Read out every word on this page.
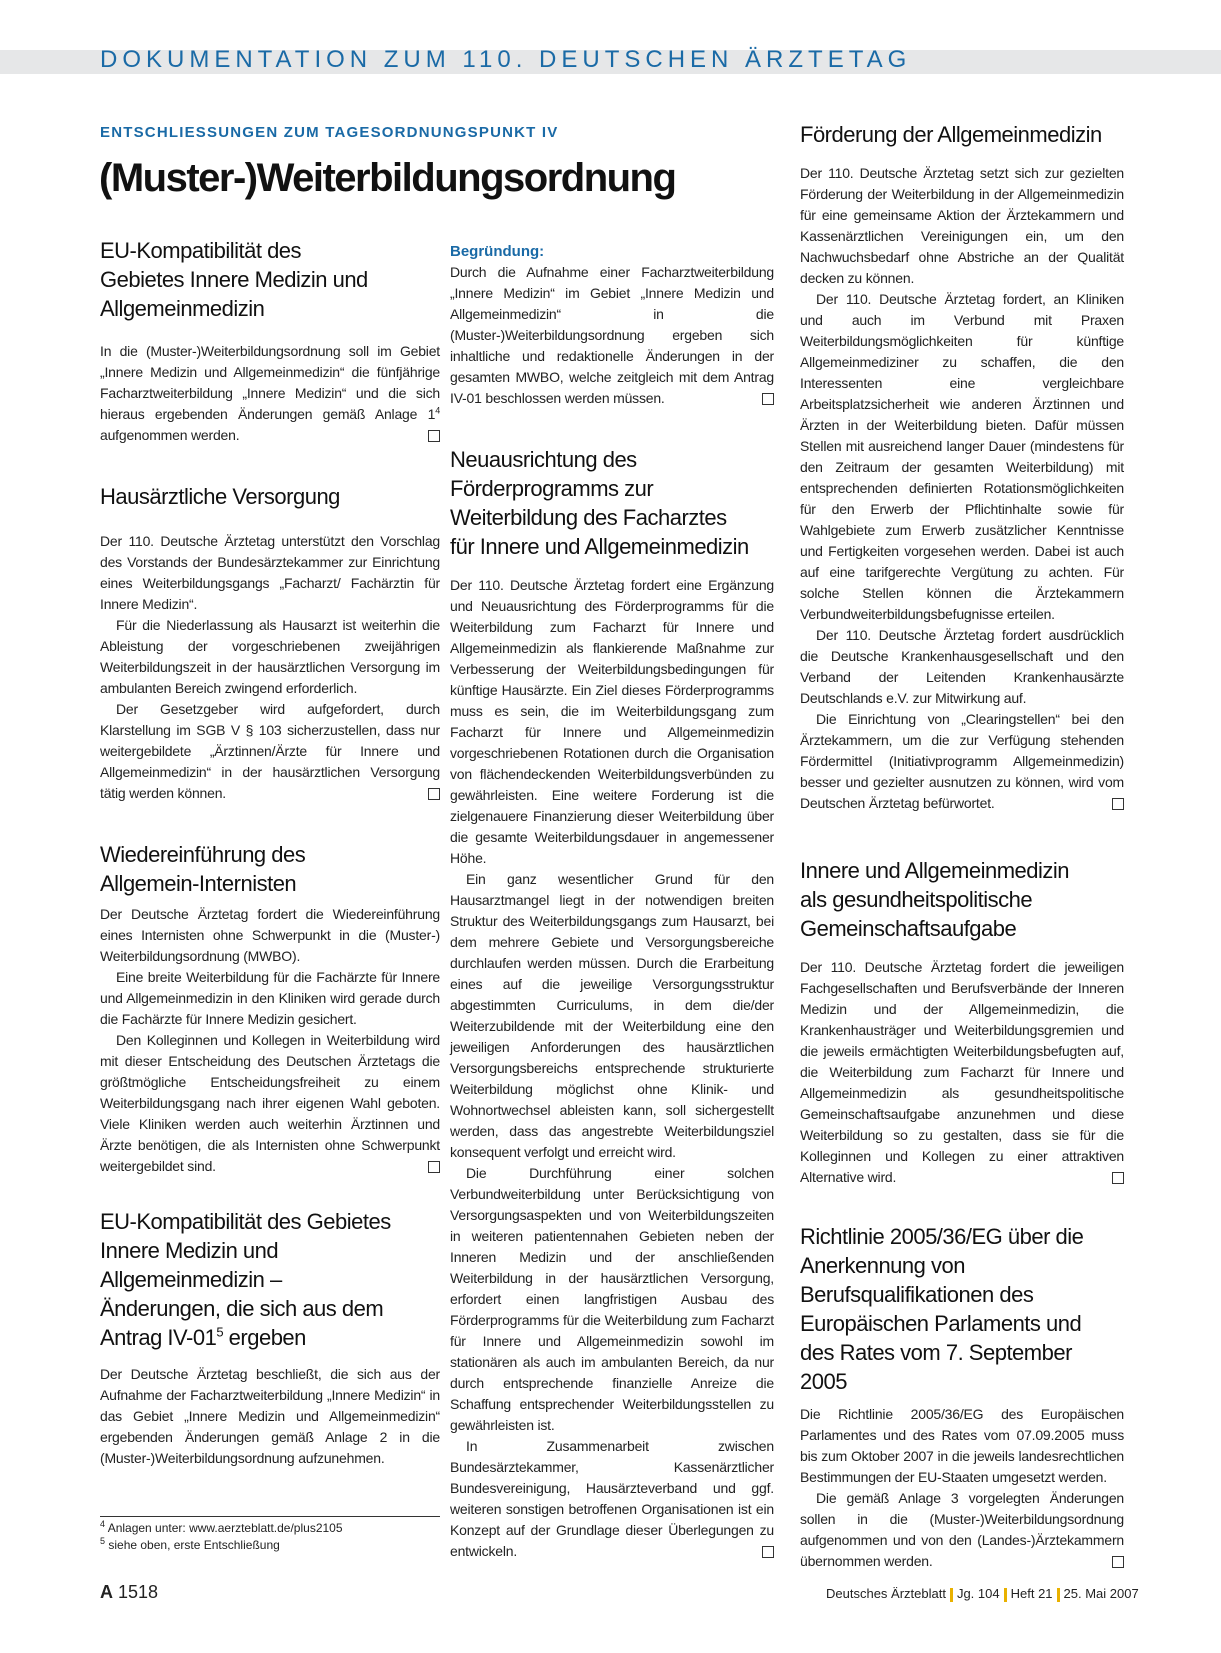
DOKUMENTATION ZUM 110. DEUTSCHEN ÄRZTETAG
ENTSCHLIESSUNGEN ZUM TAGESORDNUNGSPUNKT IV
(Muster-)Weiterbildungsordnung
EU-Kompatibilität des Gebietes Innere Medizin und Allgemeinmedizin

In die (Muster-)Weiterbildungsordnung soll im Gebiet „Innere Medizin und Allgemeinmedizin“ die fünfjährige Facharztweiterbildung „Innere Medizin“ und die sich hieraus ergebenden Änderungen gemäß Anlage $1^4$ aufgenommen werden.

Hausärztliche Versorgung

Der 110. Deutsche Ärztetag unterstützt den Vorschlag des Vorstands der Bundesärztekammer zur Einrichtung eines Weiterbildungsgangs „Facharzt/ Fachärztin für Innere Medizin“.

Für die Niederlassung als Hausarzt ist weiterhin die Ableistung der vorgeschriebenen zweijährigen Weiterbildungszeit in der hausärztlichen Versorgung im ambulanten Bereich zwingend erforderlich.

Der Gesetzgeber wird aufgefordert, durch Klarstellung im SGB V § 103 sicherzustellen, dass nur weitergebildete „Ärztinnen/Ärzte für Innere und Allgemeinmedizin“ in der hausärztlichen Versorgung tätig werden können.

Wiedereinführung des Allgemein-Internisten

Der Deutsche Ärztetag fordert die Wiedereinführung eines Internisten ohne Schwerpunkt in die (Muster-) Weiterbildungsordnung (MWBO).

Eine breite Weiterbildung für die Fachärzte für Innere und Allgemeinmedizin in den Kliniken wird gerade durch die Fachärzte für Innere Medizin gesichert.

Den Kolleginnen und Kollegen in Weiterbildung wird mit dieser Entscheidung des Deutschen Ärztetags die größtmögliche Entscheidungsfreiheit zu einem Weiterbildungsgang nach ihrer eigenen Wahl geboten. Viele Kliniken werden auch weiterhin Ärztinnen und Ärzte benötigen, die als Internisten ohne Schwerpunkt weitergebildet sind.

EU-Kompatibilität des Gebietes Innere Medizin und Allgemeinmedizin – Änderungen, die sich aus dem Antrag $IV-01^5$ ergeben

Der Deutsche Ärztetag beschließt, die sich aus der Aufnahme der Facharztweiterbildung „Innere Medizin“ in das Gebiet „Innere Medizin und Allgemeinmedizin“ ergebenden Änderungen gemäß Anlage 2 in die (Muster-)Weiterbildungsordnung aufzunehmen.

$^4$ Anlagen unter: www.aerzteblatt.de/plus2105
$^5$ siehe oben, erste Entschließung
Begründung:

Durch die Aufnahme einer Facharztweiterbildung „Innere Medizin“ im Gebiet „Innere Medizin und Allgemeinmedizin“ in die (Muster-)Weiterbildungsordnung ergeben sich inhaltliche und redaktionelle Änderungen in der gesamten MWBO, welche zeitgleich mit dem Antrag IV-01 beschlossen werden müssen.

Neuausrichtung des Förderprogramms zur Weiterbildung des Facharztes für Innere und Allgemeinmedizin

Der 110. Deutsche Ärztetag fordert eine Ergänzung und Neuausrichtung des Förderprogramms für die Weiterbildung zum Facharzt für Innere und Allgemeinmedizin als flankierende Maßnahme zur Verbesserung der Weiterbildungsbedingungen für künftige Hausärzte. Ein Ziel dieses Förderprogramms muss es sein, die im Weiterbildungsgang zum Facharzt für Innere und Allgemeinmedizin vorgeschriebenen Rotationen durch die Organisation von flächendeckenden Weiterbildungsverbünden zu gewährleisten. Eine weitere Forderung ist die zielgenauere Finanzierung dieser Weiterbildung über die gesamte Weiterbildungsdauer in angemessener Höhe.

Ein ganz wesentlicher Grund für den Hausarztmangel liegt in der notwendigen breiten Struktur des Weiterbildungsgangs zum Hausarzt, bei dem mehrere Gebiete und Versorgungsbereiche durchlaufen werden müssen. Durch die Erarbeitung eines auf die jeweilige Versorgungsstruktur abgestimmten Curriculums, in dem die/der Weiterzubildende mit der Weiterbildung eine den jeweiligen Anforderungen des hausärztlichen Versorgungsbereichs entsprechende strukturierte Weiterbildung möglichst ohne Klinik- und Wohnortwechsel ableisten kann, soll sichergestellt werden, dass das angestrebte Weiterbildungsziel konsequent verfolgt und erreicht wird.

Die Durchführung einer solchen Verbundweiterbildung unter Berücksichtigung von Versorgungsaspekten und von Weiterbildungszeiten in weiteren patientennahen Gebieten neben der Inneren Medizin und der anschließenden Weiterbildung in der hausärztlichen Versorgung, erfordert einen langfristigen Ausbau des Förderprogramms für die Weiterbildung zum Facharzt für Innere und Allgemeinmedizin sowohl im stationären als auch im ambulanten Bereich, da nur durch entsprechende finanzielle Anreize die Schaffung entsprechender Weiterbildungsstellen zu gewährleisten ist.

In Zusammenarbeit zwischen Bundesärztekammer, Kassenärztlicher Bundesvereinigung, Hausärzteverband und ggf. weiteren sonstigen betroffenen Organisationen ist ein Konzept auf der Grundlage dieser Überlegungen zu entwickeln.

Förderung der Allgemeinmedizin

Der 110. Deutsche Ärztetag setzt sich zur gezielten Förderung der Weiterbildung in der Allgemeinmedizin für eine gemeinsame Aktion der Ärztekammern und Kassenärztlichen Vereinigungen ein, um den Nachwuchsbedarf ohne Abstriche an der Qualität decken zu können.

Der 110. Deutsche Ärztetag fordert, an Kliniken und auch im Verbund mit Praxen Weiterbildungsmöglichkeiten für künftige Allgemeinmediziner zu schaffen, die den Interessenten eine vergleichbare Arbeitsplatzsicherheit wie anderen Ärztinnen und Ärzten in der Weiterbildung bieten. Dafür müssen Stellen mit ausreichend langer Dauer (mindestens für den Zeitraum der gesamten Weiterbildung) mit entsprechenden definierten Rotationsmöglichkeiten für den Erwerb der Pflichtinhalte sowie für Wahlgebiete zum Erwerb zusätzlicher Kenntnisse und Fertigkeiten vorgesehen werden. Dabei ist auch auf eine tarifgerechte Vergütung zu achten. Für solche Stellen können die Ärztekammern Verbundweiterbildungsbefugnisse erteilen.

Der 110. Deutsche Ärztetag fordert ausdrücklich die Deutsche Krankenhausgesellschaft und den Verband der Leitenden Krankenhausärzte Deutschlands e.V. zur Mitwirkung auf.

Die Einrichtung von „Clearingstellen“ bei den Ärztekammern, um die zur Verfügung stehenden Fördermittel (Initiativprogramm Allgemeinmedizin) besser und gezielter ausnutzen zu können, wird vom Deutschen Ärztetag befürwortet.

Innere und Allgemeinmedizin als gesundheitspolitische Gemeinschaftsaufgabe

Der 110. Deutsche Ärztetag fordert die jeweiligen Fachgesellschaften und Berufsverbände der Inneren Medizin und der Allgemeinmedizin, die Krankenhausträger und Weiterbildungsgremien und die jeweils ermächtigten Weiterbildungsbefugten auf, die Weiterbildung zum Facharzt für Innere und Allgemeinmedizin als gesundheitspolitische Gemeinschaftsaufgabe anzunehmen und diese Weiterbildung so zu gestalten, dass sie für die Kolleginnen und Kollegen zu einer attraktiven Alternative wird.

Richtlinie 2005/36/EG über die Anerkennung von Berufsqualifikationen des Europäischen Parlaments und des Rates vom 7. September 2005

Die Richtlinie 2005/36/EG des Europäischen Parlamentes und des Rates vom 07.09.2005 muss bis zum Oktober 2007 in die jeweils landesrechtlichen Bestimmungen der EU-Staaten umgesetzt werden.

Die gemäß Anlage 3 vorgelegten Änderungen sollen in die (Muster-)Weiterbildungsordnung aufgenommen und von den (Landes-)Ärztekammern übernommen werden.

A 1518	Deutsches Ärzteblatt Jg. 104 Heft 21 25. Mai 2007
